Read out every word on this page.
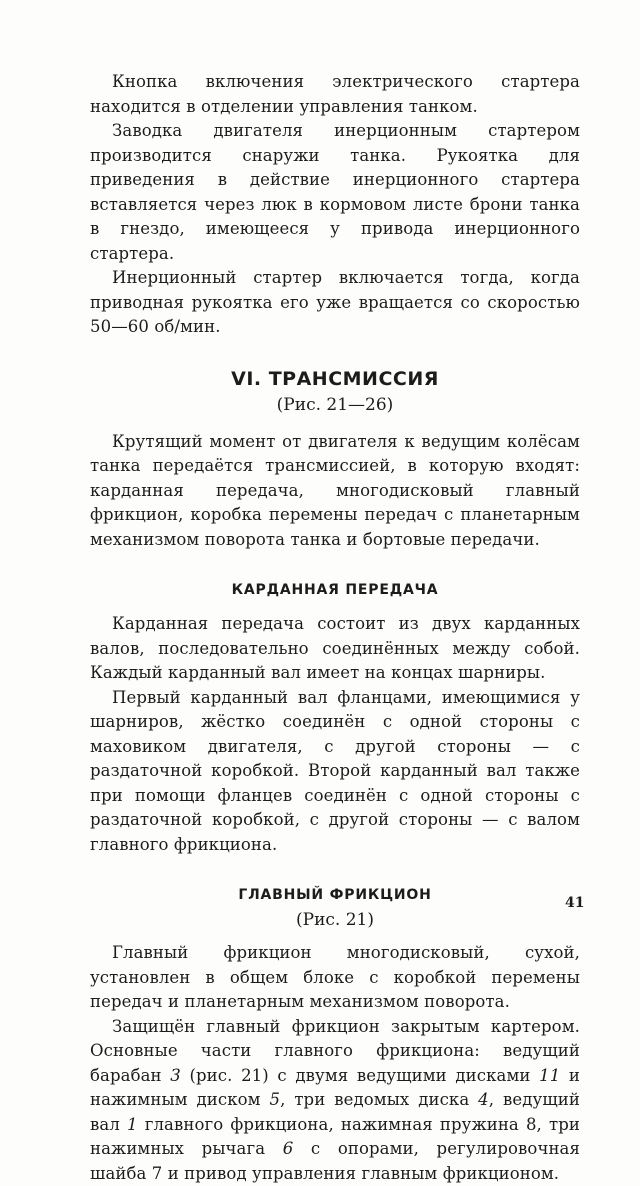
Кнопка включения электрического стартера находится в отделении управления танком.

Заводка двигателя инерционным стартером производится снаружи танка. Рукоятка для приведения в действие инерционного стартера вставляется через люк в кормовом листе брони танка в гнездо, имеющееся у привода инерционного стартера.

Инерционный стартер включается тогда, когда приводная рукоятка его уже вращается со скоростью 50—60 об/мин.

VI. ТРАНСМИССИЯ
(Рис. 21—26)

Крутящий момент от двигателя к ведущим колёсам танка передаётся трансмиссией, в которую входят: карданная передача, многодисковый главный фрикцион, коробка перемены передач с планетарным механизмом поворота танка и бортовые передачи.

КАРДАННАЯ ПЕРЕДАЧА

Карданная передача состоит из двух карданных валов, последовательно соединённых между собой. Каждый карданный вал имеет на концах шарниры.

Первый карданный вал фланцами, имеющимися у шарниров, жёстко соединён с одной стороны с маховиком двигателя, с другой стороны — с раздаточной коробкой. Второй карданный вал также при помощи фланцев соединён с одной стороны с раздаточной коробкой, с другой стороны — с валом главного фрикциона.

ГЛАВНЫЙ ФРИКЦИОН
(Рис. 21)

Главный фрикцион многодисковый, сухой, установлен в общем блоке с коробкой перемены передач и планетарным механизмом поворота.

Защищён главный фрикцион закрытым картером. Основные части главного фрикциона: ведущий барабан 3 (рис. 21) с двумя ведущими дисками 11 и нажимным диском 5, три ведомых диска 4, ведущий вал 1 главного фрикциона, нажимная пружина 8, три нажимных рычага 6 с опорами, регулировочная шайба 7 и привод управления главным фрикционом.

41
